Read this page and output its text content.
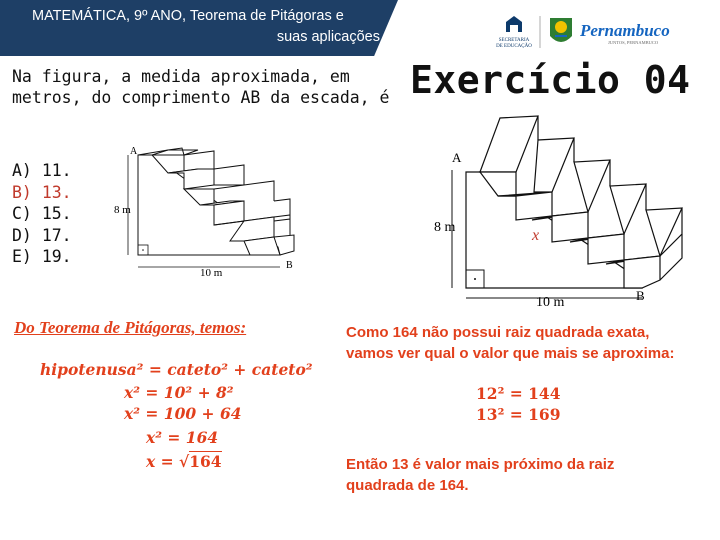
MATEMÁTICA, 9º ANO, Teorema de Pitágoras e
suas aplicações	SECRETARIA
DE EDUCAÇÃO
Pernambuco
JUNTOS, PERNAMBUCO
Na figura, a medida aproximada, em metros, do comprimento AB da escada, é
A) 11.
B) 13.
C) 15.
D) 17.
E) 19.
Exercício 04
A
B
8 m
10 m
A
B
8 m
10 m
x
Do Teorema de Pitágoras, temos:
hipotenusa² = cateto² + cateto²
x² = 10² + 8²
x² = 100 + 64
x² = 164
x = √164
Como 164 não possui raiz quadrada exata, vamos ver qual o valor que mais se aproxima:
12² = 144
13² = 169
Então 13 é valor mais próximo da raiz quadrada de 164.
